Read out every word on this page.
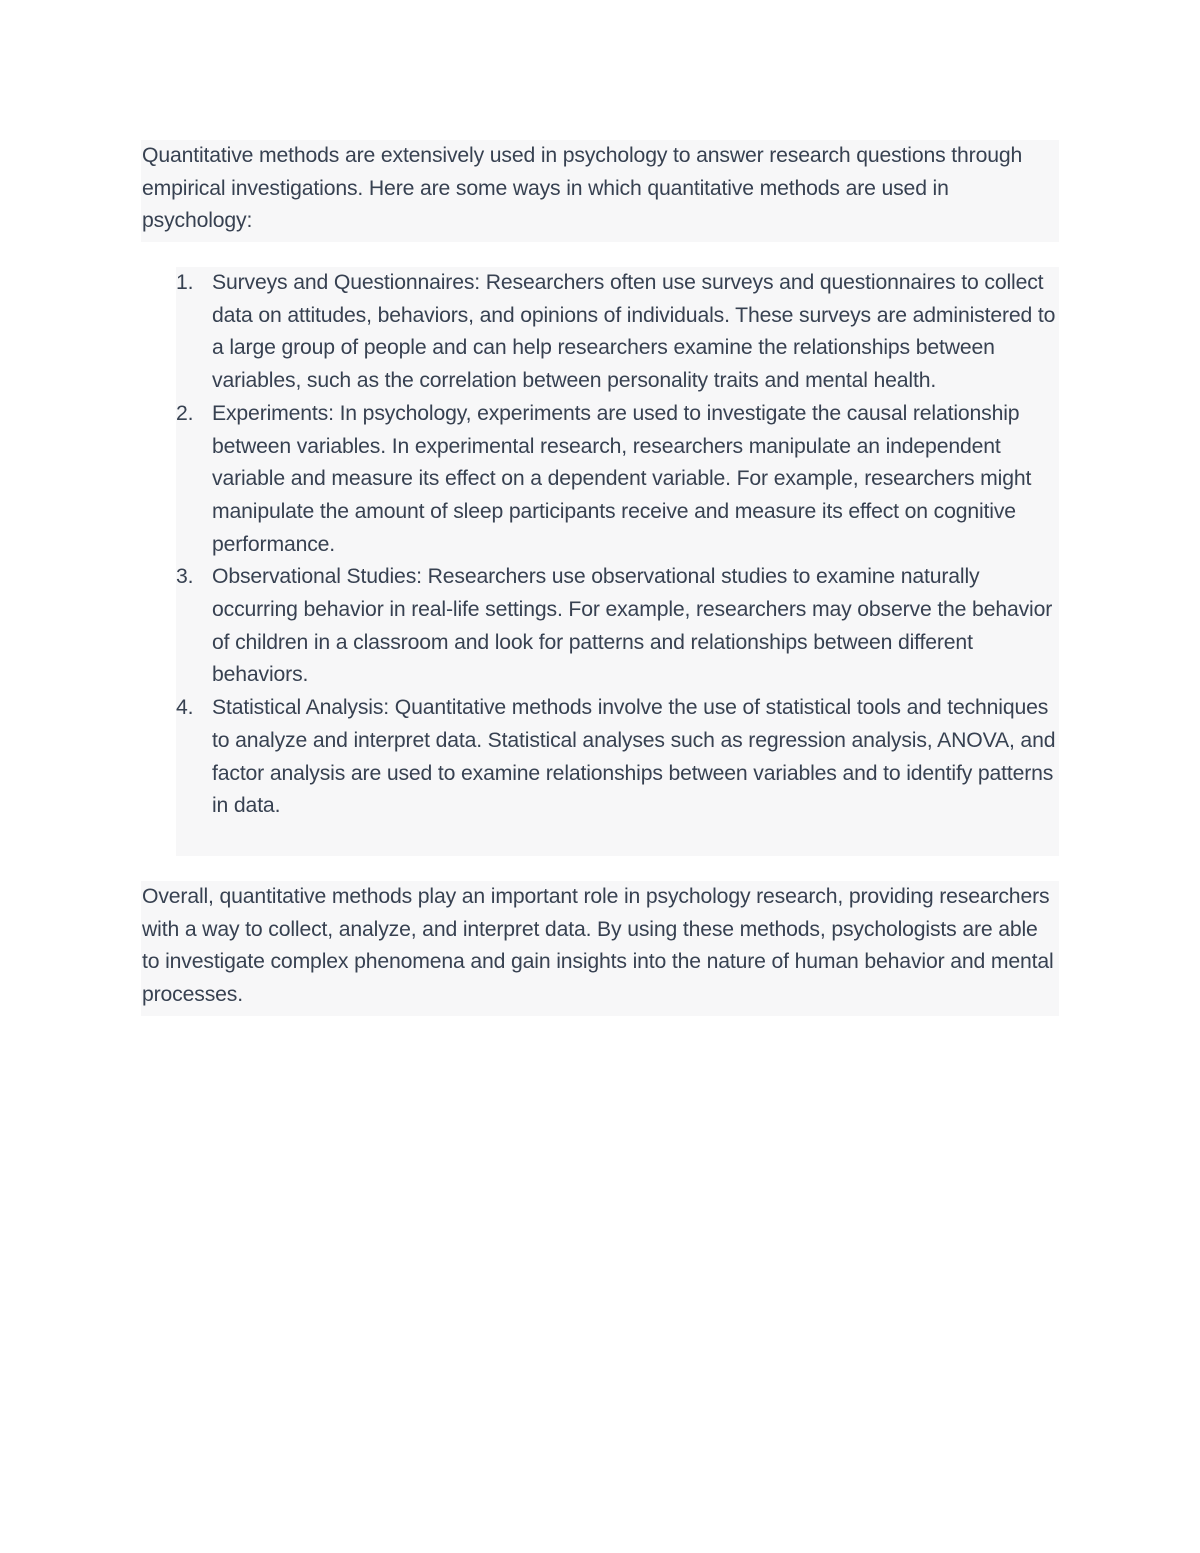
Quantitative methods are extensively used in psychology to answer research questions through empirical investigations. Here are some ways in which quantitative methods are used in psychology:

1. Surveys and Questionnaires: Researchers often use surveys and questionnaires to collect data on attitudes, behaviors, and opinions of individuals. These surveys are administered to a large group of people and can help researchers examine the relationships between variables, such as the correlation between personality traits and mental health.
2. Experiments: In psychology, experiments are used to investigate the causal relationship between variables. In experimental research, researchers manipulate an independent variable and measure its effect on a dependent variable. For example, researchers might manipulate the amount of sleep participants receive and measure its effect on cognitive performance.
3. Observational Studies: Researchers use observational studies to examine naturally occurring behavior in real-life settings. For example, researchers may observe the behavior of children in a classroom and look for patterns and relationships between different behaviors.
4. Statistical Analysis: Quantitative methods involve the use of statistical tools and techniques to analyze and interpret data. Statistical analyses such as regression analysis, ANOVA, and factor analysis are used to examine relationships between variables and to identify patterns in data.

Overall, quantitative methods play an important role in psychology research, providing researchers with a way to collect, analyze, and interpret data. By using these methods, psychologists are able to investigate complex phenomena and gain insights into the nature of human behavior and mental processes.
